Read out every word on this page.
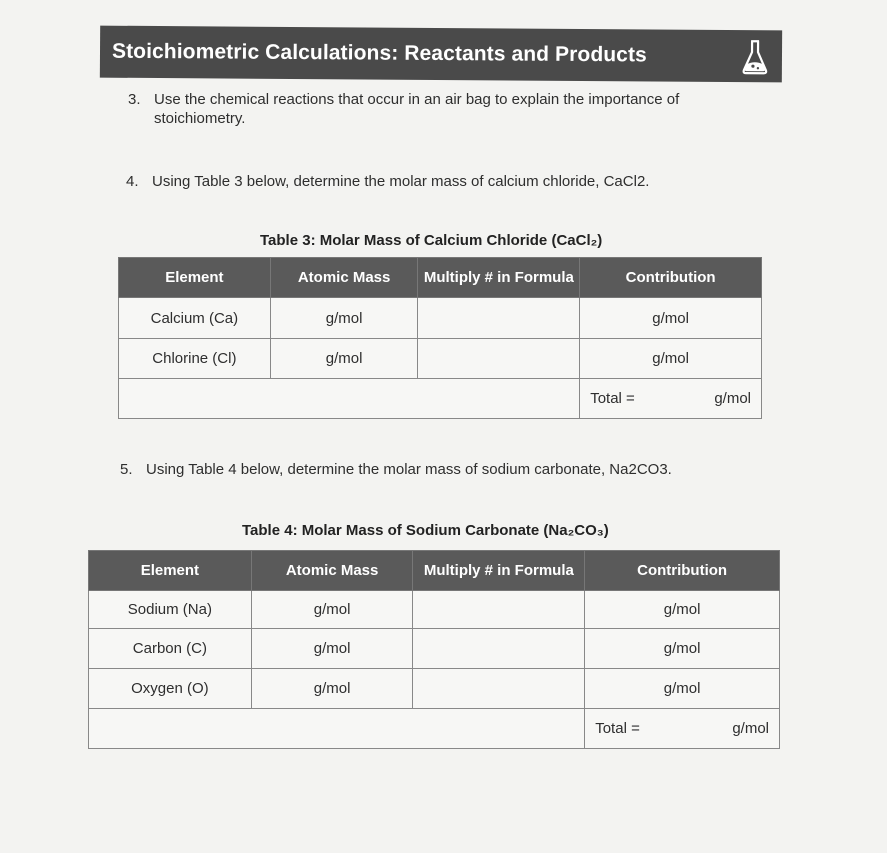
Stoichiometric Calculations: Reactants and Products
3. Use the chemical reactions that occur in an air bag to explain the importance of
stoichiometry.
4. Using Table 3 below, determine the molar mass of calcium chloride, CaCl2.
Table 3: Molar Mass of Calcium Chloride (CaCl₂)
Element	Atomic Mass	Multiply # in Formula	Contribution
Calcium (Ca)	g/mol		g/mol
Chlorine (Cl)	g/mol		g/mol

			Total = g/mol
5. Using Table 4 below, determine the molar mass of sodium carbonate, Na2CO3.
Table 4: Molar Mass of Sodium Carbonate (Na₂CO₃)
Element	Atomic Mass	Multiply # in Formula	Contribution
Sodium (Na)	g/mol		g/mol
Carbon (C)	g/mol		g/mol
Oxygen (O)	g/mol		g/mol

			Total = g/mol
